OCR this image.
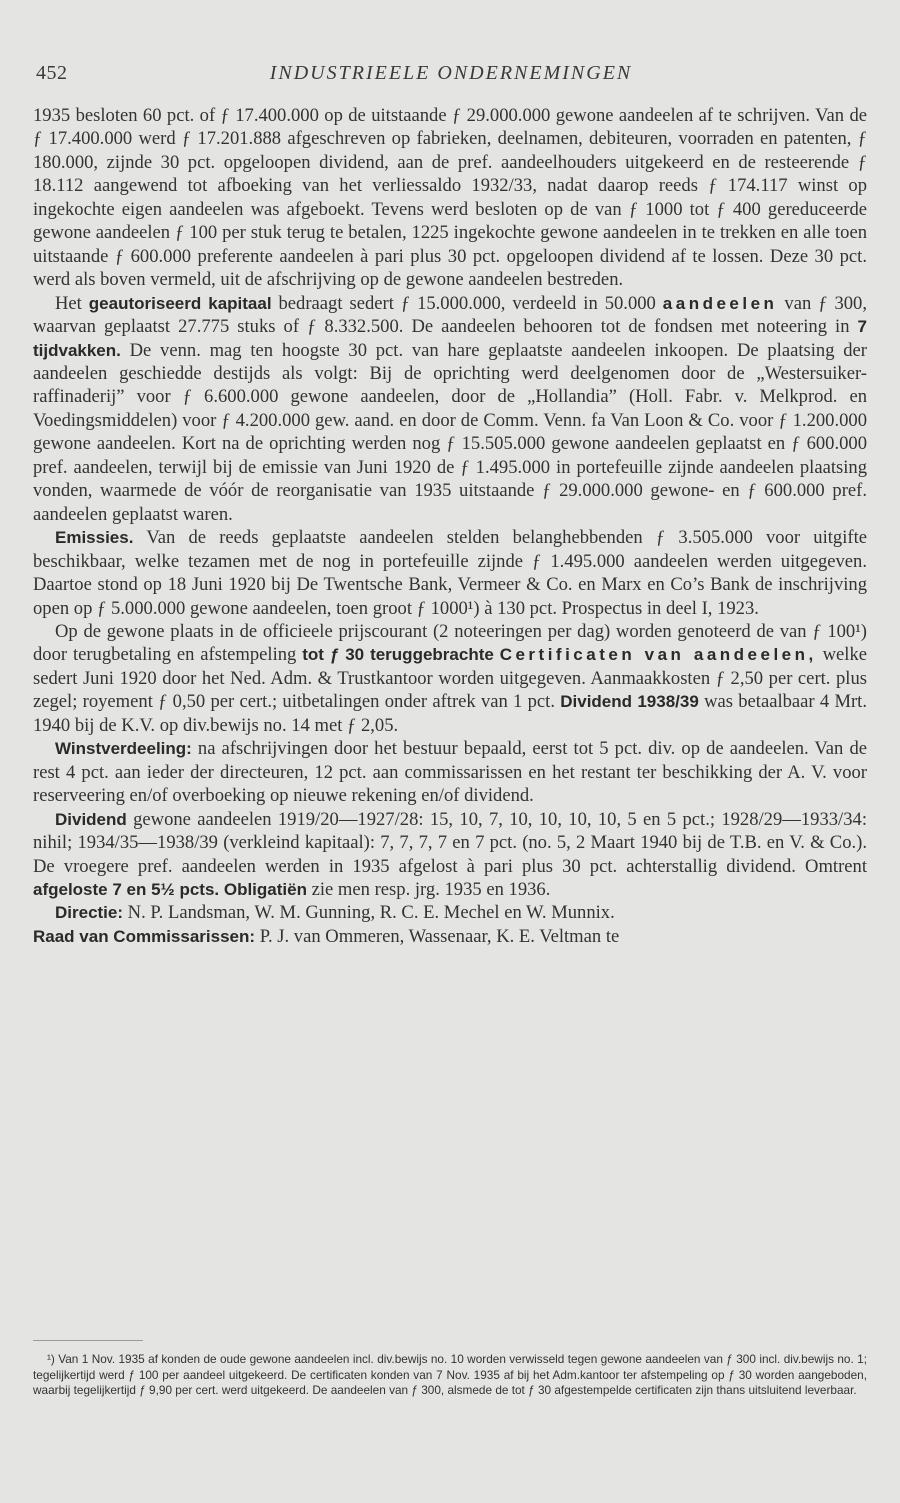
452	INDUSTRIEELE ONDERNEMINGEN

1935 besloten 60 pct. of ƒ 17.400.000 op de uitstaande ƒ 29.000.000 gewone aandeelen af te schrijven. Van de ƒ 17.400.000 werd ƒ 17.201.888 afgeschreven op fabrieken, deelnamen, debiteuren, voorraden en patenten, ƒ 180.000, zijnde 30 pct. opgeloopen dividend, aan de pref. aandeelhouders uitgekeerd en de resteerende ƒ 18.112 aangewend tot afboeking van het verliessaldo 1932/33, nadat daarop reeds ƒ 174.117 winst op ingekochte eigen aandeelen was afgeboekt. Tevens werd besloten op de van ƒ 1000 tot ƒ 400 gereduceerde gewone aandeelen ƒ 100 per stuk terug te betalen, 1225 ingekochte gewone aandeelen in te trekken en alle toen uitstaande ƒ 600.000 preferente aandeelen à pari plus 30 pct. opgeloopen dividend af te lossen. Deze 30 pct. werd als boven vermeld, uit de afschrijving op de gewone aandeelen bestreden.

Het geautoriseerd kapitaal bedraagt sedert ƒ 15.000.000, verdeeld in 50.000 aandeelen van ƒ 300, waarvan geplaatst 27.775 stuks of ƒ 8.332.500. De aandeelen behooren tot de fondsen met noteering in 7 tijdvakken. De venn. mag ten hoogste 30 pct. van hare geplaatste aandeelen inkoopen. De plaatsing der aandeelen geschiedde destijds als volgt: Bij de oprichting werd deelgenomen door de „Westersuiker-raffinaderij” voor ƒ 6.600.000 gewone aandeelen, door de „Hollandia” (Holl. Fabr. v. Melkprod. en Voedingsmiddelen) voor ƒ 4.200.000 gew. aand. en door de Comm. Venn. fa Van Loon & Co. voor ƒ 1.200.000 gewone aandeelen. Kort na de oprichting werden nog ƒ 15.505.000 gewone aandeelen geplaatst en ƒ 600.000 pref. aandeelen, terwijl bij de emissie van Juni 1920 de ƒ 1.495.000 in portefeuille zijnde aandeelen plaatsing vonden, waarmede de vóór de reorganisatie van 1935 uitstaande ƒ 29.000.000 gewone- en ƒ 600.000 pref. aandeelen geplaatst waren.

Emissies. Van de reeds geplaatste aandeelen stelden belanghebbenden ƒ 3.505.000 voor uitgifte beschikbaar, welke tezamen met de nog in portefeuille zijnde ƒ 1.495.000 aandeelen werden uitgegeven. Daartoe stond op 18 Juni 1920 bij De Twentsche Bank, Vermeer & Co. en Marx en Co’s Bank de inschrijving open op ƒ 5.000.000 gewone aandeelen, toen groot ƒ 1000¹) à 130 pct. Prospectus in deel I, 1923.

Op de gewone plaats in de officieele prijscourant (2 noteeringen per dag) worden genoteerd de van ƒ 100¹) door terugbetaling en afstempeling tot ƒ 30 teruggebrachte Certificaten van aandeelen, welke sedert Juni 1920 door het Ned. Adm. & Trustkantoor worden uitgegeven. Aanmaakkosten ƒ 2,50 per cert. plus zegel; royement ƒ 0,50 per cert.; uitbetalingen onder aftrek van 1 pct. Dividend 1938/39 was betaalbaar 4 Mrt. 1940 bij de K.V. op div.bewijs no. 14 met ƒ 2,05.

Winstverdeeling: na afschrijvingen door het bestuur bepaald, eerst tot 5 pct. div. op de aandeelen. Van de rest 4 pct. aan ieder der directeuren, 12 pct. aan commissarissen en het restant ter beschikking der A. V. voor reserveering en/of overboeking op nieuwe rekening en/of dividend.

Dividend gewone aandeelen 1919/20—1927/28: 15, 10, 7, 10, 10, 10, 10, 5 en 5 pct.; 1928/29—1933/34: nihil; 1934/35—1938/39 (verkleind kapitaal): 7, 7, 7, 7 en 7 pct. (no. 5, 2 Maart 1940 bij de T.B. en V. & Co.). De vroegere pref. aandeelen werden in 1935 afgelost à pari plus 30 pct. achterstallig dividend. Omtrent afgeloste 7 en 5½ pcts. Obligatiën zie men resp. jrg. 1935 en 1936.

Directie: N. P. Landsman, W. M. Gunning, R. C. E. Mechel en W. Munnix.

Raad van Commissarissen: P. J. van Ommeren, Wassenaar, K. E. Veltman te

¹) Van 1 Nov. 1935 af konden de oude gewone aandeelen incl. div.bewijs no. 10 worden verwisseld tegen gewone aandeelen van ƒ 300 incl. div.bewijs no. 1; tegelijkertijd werd ƒ 100 per aandeel uitgekeerd. De certificaten konden van 7 Nov. 1935 af bij het Adm.kantoor ter afstempeling op ƒ 30 worden aangeboden, waarbij tegelijkertijd ƒ 9,90 per cert. werd uitgekeerd. De aandeelen van ƒ 300, alsmede de tot ƒ 30 afgestempelde certificaten zijn thans uitsluitend leverbaar.
